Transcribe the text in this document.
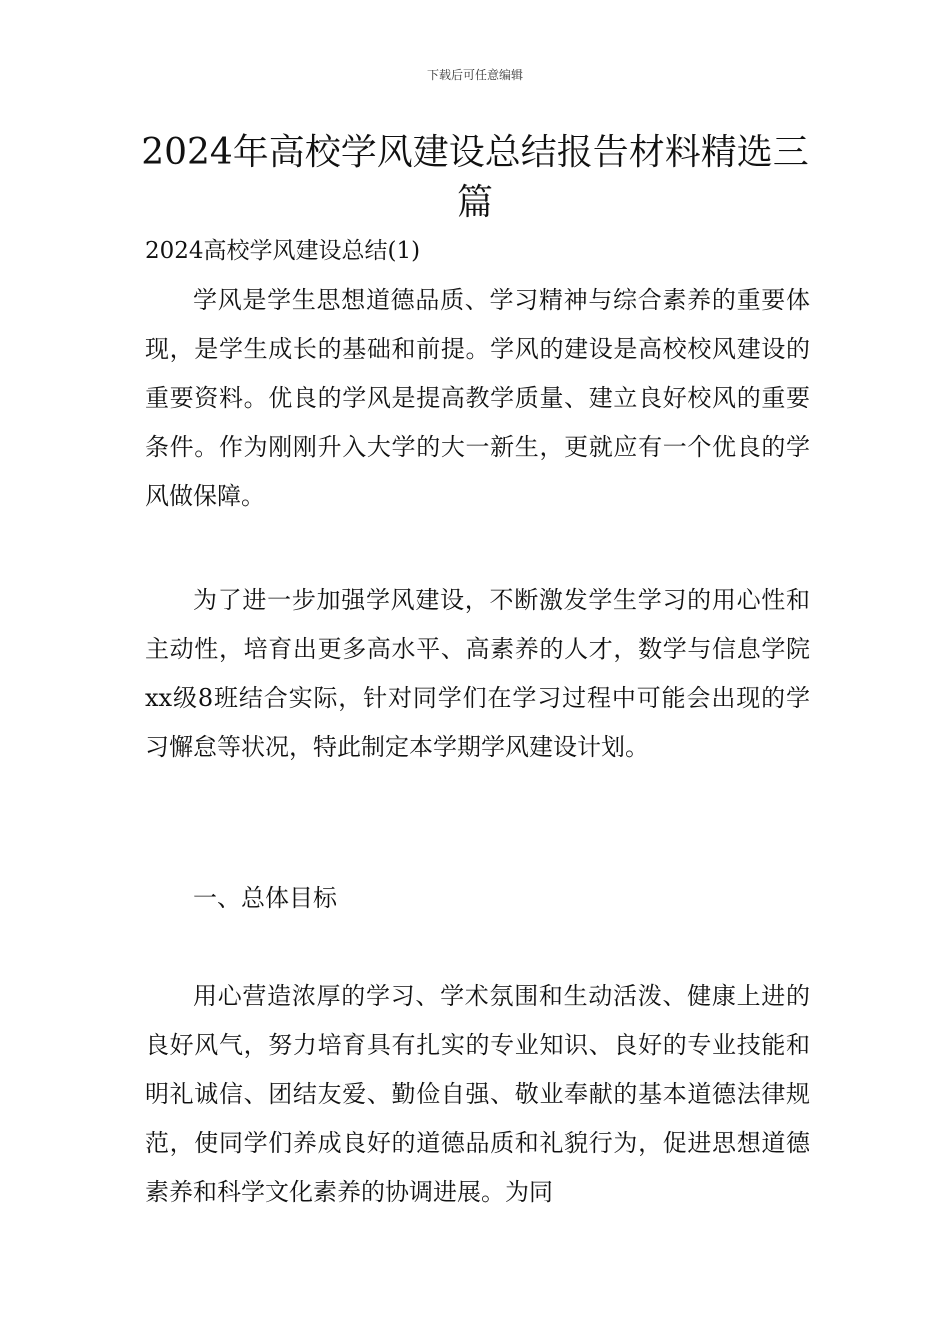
下载后可任意编辑
2024年高校学风建设总结报告材料精选三篇
2024高校学风建设总结(1)

学风是学生思想道德品质、学习精神与综合素养的重要体现，是学生成长的基础和前提。学风的建设是高校校风建设的重要资料。优良的学风是提高教学质量、建立良好校风的重要条件。作为刚刚升入大学的大一新生，更就应有一个优良的学风做保障。

为了进一步加强学风建设，不断激发学生学习的用心性和主动性，培育出更多高水平、高素养的人才，数学与信息学院xx级8班结合实际，针对同学们在学习过程中可能会出现的学习懈怠等状况，特此制定本学期学风建设计划。

一、总体目标

用心营造浓厚的学习、学术氛围和生动活泼、健康上进的良好风气，努力培育具有扎实的专业知识、良好的专业技能和明礼诚信、团结友爱、勤俭自强、敬业奉献的基本道德法律规范，使同学们养成良好的道德品质和礼貌行为，促进思想道德素养和科学文化素养的协调进展。为同
